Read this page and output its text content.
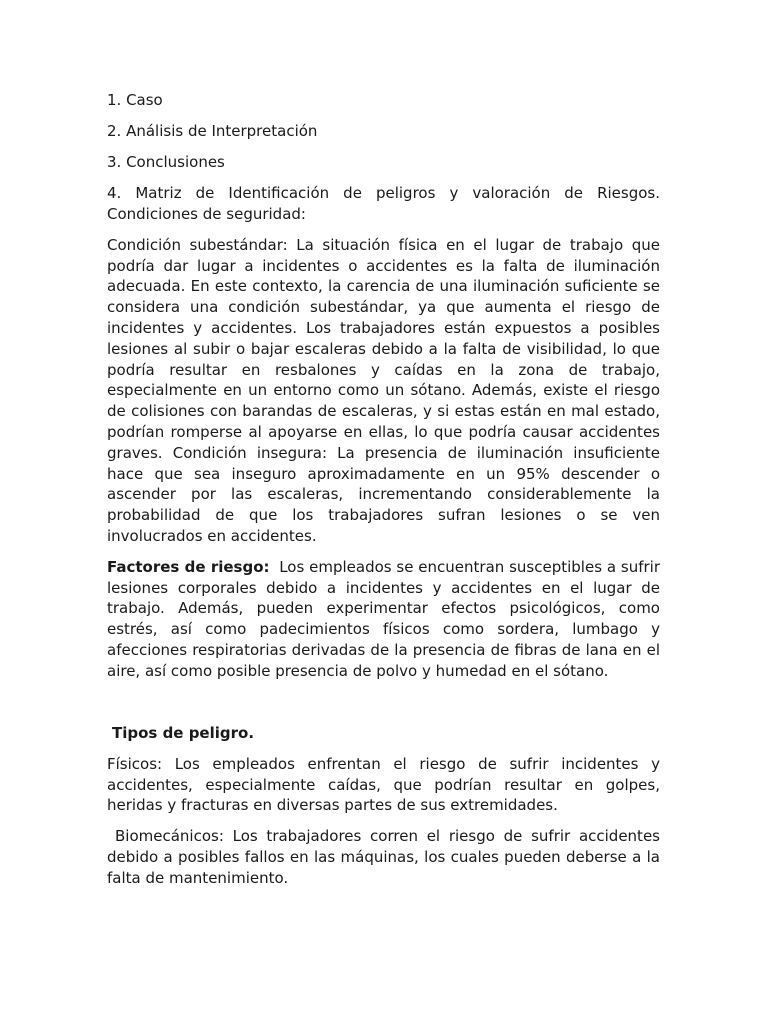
1. Caso

2. Análisis de Interpretación

3. Conclusiones

4. Matriz de Identificación de peligros y valoración de Riesgos. Condiciones de seguridad:

Condición subestándar: La situación física en el lugar de trabajo que podría dar lugar a incidentes o accidentes es la falta de iluminación adecuada. En este contexto, la carencia de una iluminación suficiente se considera una condición subestándar, ya que aumenta el riesgo de incidentes y accidentes. Los trabajadores están expuestos a posibles lesiones al subir o bajar escaleras debido a la falta de visibilidad, lo que podría resultar en resbalones y caídas en la zona de trabajo, especialmente en un entorno como un sótano. Además, existe el riesgo de colisiones con barandas de escaleras, y si estas están en mal estado, podrían romperse al apoyarse en ellas, lo que podría causar accidentes graves. Condición insegura: La presencia de iluminación insuficiente hace que sea inseguro aproximadamente en un 95% descender o ascender por las escaleras, incrementando considerablemente la probabilidad de que los trabajadores sufran lesiones o se ven involucrados en accidentes.

Factores de riesgo: Los empleados se encuentran susceptibles a sufrir lesiones corporales debido a incidentes y accidentes en el lugar de trabajo. Además, pueden experimentar efectos psicológicos, como estrés, así como padecimientos físicos como sordera, lumbago y afecciones respiratorias derivadas de la presencia de fibras de lana en el aire, así como posible presencia de polvo y humedad en el sótano.

Tipos de peligro.

Físicos: Los empleados enfrentan el riesgo de sufrir incidentes y accidentes, especialmente caídas, que podrían resultar en golpes, heridas y fracturas en diversas partes de sus extremidades.

Biomecánicos: Los trabajadores corren el riesgo de sufrir accidentes debido a posibles fallos en las máquinas, los cuales pueden deberse a la falta de mantenimiento.
